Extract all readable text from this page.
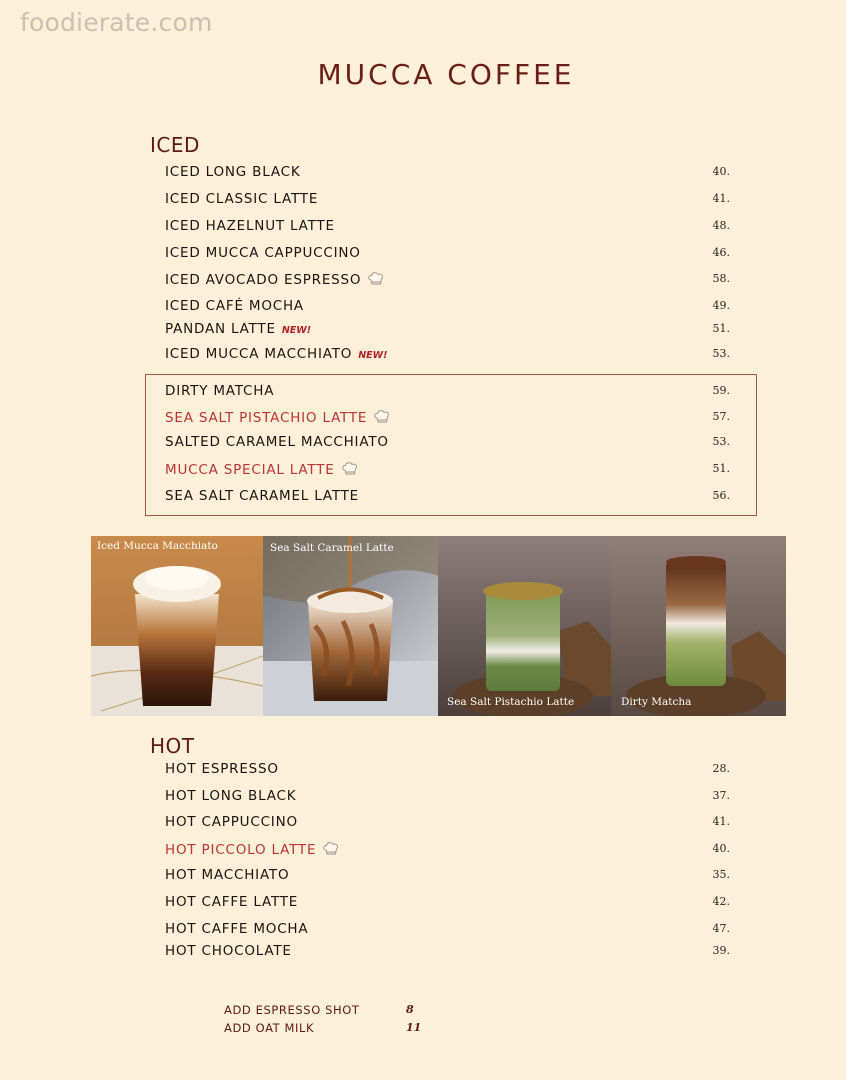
foodierate.com
MUCCA COFFEE
ICED
ICED LONG BLACK	40.
ICED CLASSIC LATTE	41.
ICED HAZELNUT LATTE	48.
ICED MUCCA CAPPUCCINO	46.
ICED AVOCADO ESPRESSO	58.
ICED CAFÉ MOCHA	49.
PANDAN LATTE NEW!	51.
ICED MUCCA MACCHIATO NEW!	53.
DIRTY MATCHA	59.
SEA SALT PISTACHIO LATTE	57.
SALTED CARAMEL MACCHIATO	53.
MUCCA SPECIAL LATTE	51.
SEA SALT CARAMEL LATTE	56.
Iced Mucca Macchiato	Sea Salt Caramel Latte
Sea Salt Pistachio Latte	Dirty Matcha
HOT
HOT ESPRESSO	28.
HOT LONG BLACK	37.
HOT CAPPUCCINO	41.
HOT PICCOLO LATTE	40.
HOT MACCHIATO	35.
HOT CAFFE LATTE	42.
HOT CAFFE MOCHA	47.
HOT CHOCOLATE	39.
ADD ESPRESSO SHOT	8
ADD OAT MILK	11
